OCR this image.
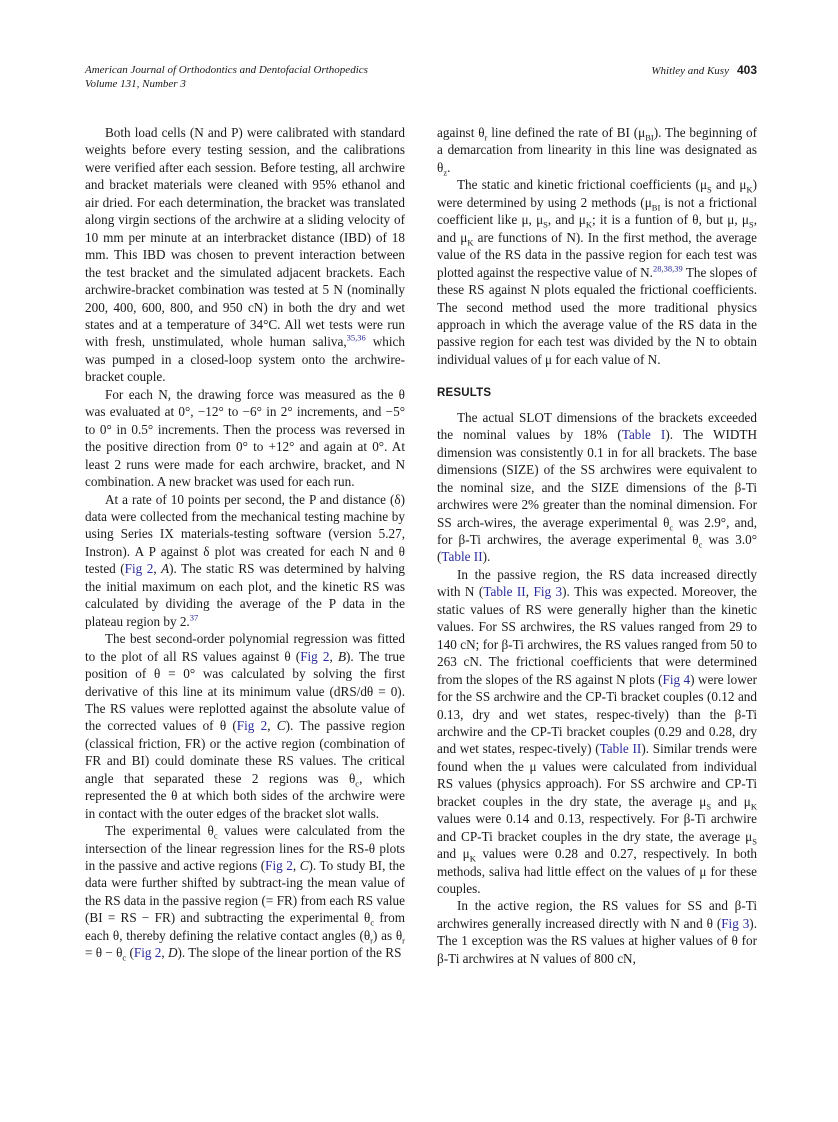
American Journal of Orthodontics and Dentofacial Orthopedics
Volume 131, Number 3
Whitley and Kusy 403

Both load cells (N and P) were calibrated with standard weights before every testing session, and the calibrations were verified after each session. Before testing, all archwire and bracket materials were cleaned with 95% ethanol and air dried. For each determination, the bracket was translated along virgin sections of the archwire at a sliding velocity of 10 mm per minute at an interbracket distance (IBD) of 18 mm. This IBD was chosen to prevent interaction between the test bracket and the simulated adjacent brackets. Each archwire-bracket combination was tested at 5 N (nominally 200, 400, 600, 800, and 950 cN) in both the dry and wet states and at a temperature of 34°C. All wet tests were run with fresh, unstimulated, whole human saliva,$^{35,36}$ which was pumped in a closed-loop system onto the archwire-bracket couple.

For each N, the drawing force was measured as the θ was evaluated at 0°, −12° to −6° in 2° increments, and −5° to 0° in 0.5° increments. Then the process was reversed in the positive direction from 0° to +12° and again at 0°. At least 2 runs were made for each archwire, bracket, and N combination. A new bracket was used for each run.

At a rate of 10 points per second, the P and distance (δ) data were collected from the mechanical testing machine by using Series IX materials-testing software (version 5.27, Instron). A P against δ plot was created for each N and θ tested (Fig 2, A). The static RS was determined by halving the initial maximum on each plot, and the kinetic RS was calculated by dividing the average of the P data in the plateau region by 2.37

The best second-order polynomial regression was fitted to the plot of all RS values against θ (Fig 2, B). The true position of θ = 0° was calculated by solving the first derivative of this line at its minimum value (dRS/dθ = 0). The RS values were replotted against the absolute value of the corrected values of θ (Fig 2, C). The passive region (classical friction, FR) or the active region (combination of FR and BI) could dominate these RS values. The critical angle that separated these 2 regions was $\theta_c$, which represented the θ at which both sides of the archwire were in contact with the outer edges of the bracket slot walls.

The experimental $\theta_c$ values were calculated from the intersection of the linear regression lines for the RS-θ plots in the passive and active regions (Fig 2, C). To study BI, the data were further shifted by subtract-ing the mean value of the RS data in the passive region (= FR) from each RS value (BI = RS − FR) and subtracting the experimental $\theta_c$ from each θ, thereby defining the relative contact angles $(\theta_r)$ as $\theta_r = \theta - \theta_c$ (Fig 2, D). The slope of the linear portion of the RS

against $\theta_r$ line defined the rate of BI $(\mu_{BI})$. The beginning of a demarcation from linearity in this line was designated as $\theta_z$.

The static and kinetic frictional coefficients ($\mu_S$ and $\mu_K$) were determined by using 2 methods ($\mu_{BI}$ is not a frictional coefficient like μ, $\mu_S$, and $\mu_K$; it is a funtion of θ, but μ, $\mu_S$, and $\mu_K$ are functions of N). In the first method, the average value of the RS data in the passive region for each test was plotted against the respective value of N.$^{28,38,39}$ The slopes of these RS against N plots equaled the frictional coefficients. The second method used the more traditional physics approach in which the average value of the RS data in the passive region for each test was divided by the N to obtain individual values of μ for each value of N.

RESULTS

The actual SLOT dimensions of the brackets exceeded the nominal values by 18% (Table I). The WIDTH dimension was consistently 0.1 in for all brackets. The base dimensions (SIZE) of the SS archwires were equivalent to the nominal size, and the SIZE dimensions of the β-Ti archwires were 2% greater than the nominal dimension. For SS arch-wires, the average experimental $\theta_c$ was 2.9°, and, for β-Ti archwires, the average experimental $\theta_c$ was 3.0° (Table II).

In the passive region, the RS data increased directly with N (Table II, Fig 3). This was expected. Moreover, the static values of RS were generally higher than the kinetic values. For SS archwires, the RS values ranged from 29 to 140 cN; for β-Ti archwires, the RS values ranged from 50 to 263 cN. The frictional coefficients that were determined from the slopes of the RS against N plots (Fig 4) were lower for the SS archwire and the CP-Ti bracket couples (0.12 and 0.13, dry and wet states, respec-tively) than the β-Ti archwire and the CP-Ti bracket couples (0.29 and 0.28, dry and wet states, respec-tively) (Table II). Similar trends were found when the μ values were calculated from individual RS values (physics approach). For SS archwire and CP-Ti bracket couples in the dry state, the average $\mu_S$ and $\mu_K$ values were 0.14 and 0.13, respectively. For β-Ti archwire and CP-Ti bracket couples in the dry state, the average $\mu_S$ and $\mu_K$ values were 0.28 and 0.27, respectively. In both methods, saliva had little effect on the values of μ for these couples.

In the active region, the RS values for SS and β-Ti archwires generally increased directly with N and θ (Fig 3). The 1 exception was the RS values at higher values of θ for β-Ti archwires at N values of 800 cN,
